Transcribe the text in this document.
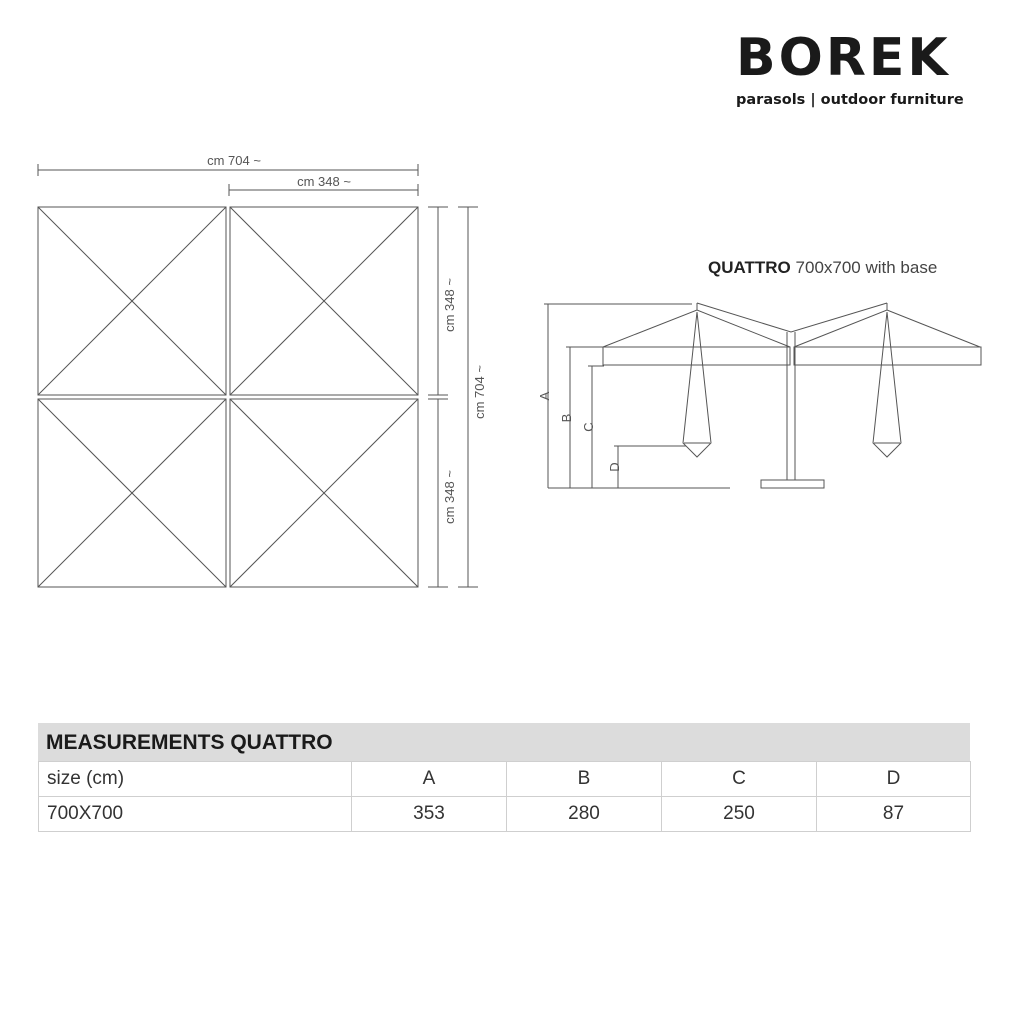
BOREK
parasols | outdoor furniture
cm 704 ~
cm 348 ~
cm 348 ~
cm 348 ~
cm 704 ~	A
B
C
D
QUATTRO 700x700 with base
MEASUREMENTS QUATTRO
size (cm)	A	B	C	D
700X700	353	280	250	87
